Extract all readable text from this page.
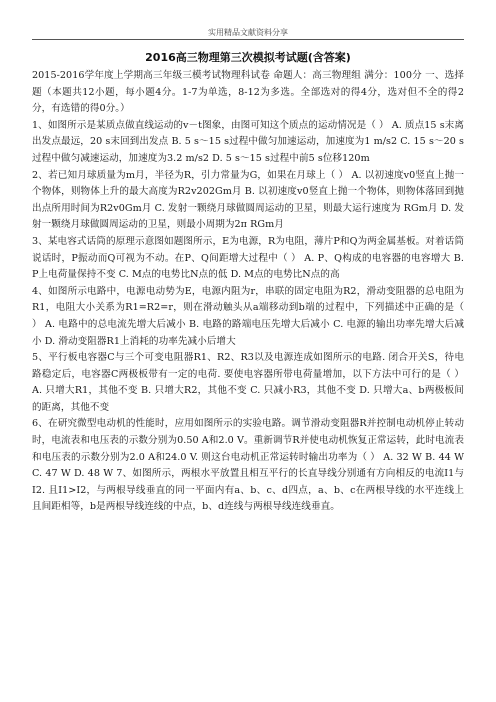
实用精品文献资料分享
2016高三物理第三次模拟考试题(含答案)

2015-2016学年度上学期高三年级三模考试物理科试卷 命题人：高三物理组 满分：100分 一、选择题（本题共12小题，每小题4分。1-7为单选，8-12为多选。全部选对的得4分，选对但不全的得2分，有选错的得0分。）

1、如图所示是某质点做直线运动的v－t图象，由图可知这个质点的运动情况是（ ） A. 质点15 s末离出发点最远，20 s末回到出发点 B. 5 s～15 s过程中做匀加速运动，加速度为1 m/s2 C. 15 s～20 s过程中做匀减速运动，加速度为3.2 m/s2 D. 5 s～15 s过程中前5 s位移120m

2、若已知月球质量为m月，半径为R，引力常量为G，如果在月球上（ ） A. 以初速度v0竖直上抛一个物体，则物体上升的最大高度为R2v202Gm月 B. 以初速度v0竖直上抛一个物体，则物体落回到抛出点所用时间为R2v0Gm月 C. 发射一颗绕月球做圆周运动的卫星，则最大运行速度为 RGm月 D. 发射一颗绕月球做圆周运动的卫星，则最小周期为2π RGm月

3、某电容式话筒的原理示意图如题图所示，E为电源，R为电阻，薄片P和Q为两金属基板。对着话筒说话时，P振动而Q可视为不动。在P、Q间距增大过程中（ ） A. P、Q构成的电容器的电容增大 B. P上电荷量保持不变 C. M点的电势比N点的低 D. M点的电势比N点的高

4、如图所示电路中，电源电动势为E，电源内阻为r，串联的固定电阻为R2，滑动变阻器的总电阻为R1，电阻大小关系为R1=R2=r，则在滑动触头从a端移动到b端的过程中，下列描述中正确的是（ ） A. 电路中的总电流先增大后减小 B. 电路的路端电压先增大后减小 C. 电源的输出功率先增大后减小 D. 滑动变阻器R1上消耗的功率先减小后增大

5、平行板电容器C与三个可变电阻器R1、R2、R3以及电源连成如图所示的电路. 闭合开关S，待电路稳定后，电容器C两极板带有一定的电荷. 要使电容器所带电荷量增加，以下方法中可行的是（ ） A. 只增大R1，其他不变 B. 只增大R2，其他不变 C. 只减小R3，其他不变 D. 只增大a、b两极板间的距离，其他不变

6、在研究微型电动机的性能时，应用如图所示的实验电路。调节滑动变阻器R并控制电动机停止转动时，电流表和电压表的示数分别为0.50 A和2.0 V。重新调节R并使电动机恢复正常运转，此时电流表和电压表的示数分别为2.0 A和24.0 V. 则这台电动机正常运转时输出功率为（ ） A. 32 W B. 44 W C. 47 W D. 48 W 7、如图所示，两根水平放置且相互平行的长直导线分别通有方向相反的电流I1与I2. 且I1>I2，与两根导线垂直的同一平面内有a、b、c、d四点，a、b、c在两根导线的水平连线上且间距相等，b是两根导线连线的中点，b、d连线与两根导线连线垂直。
